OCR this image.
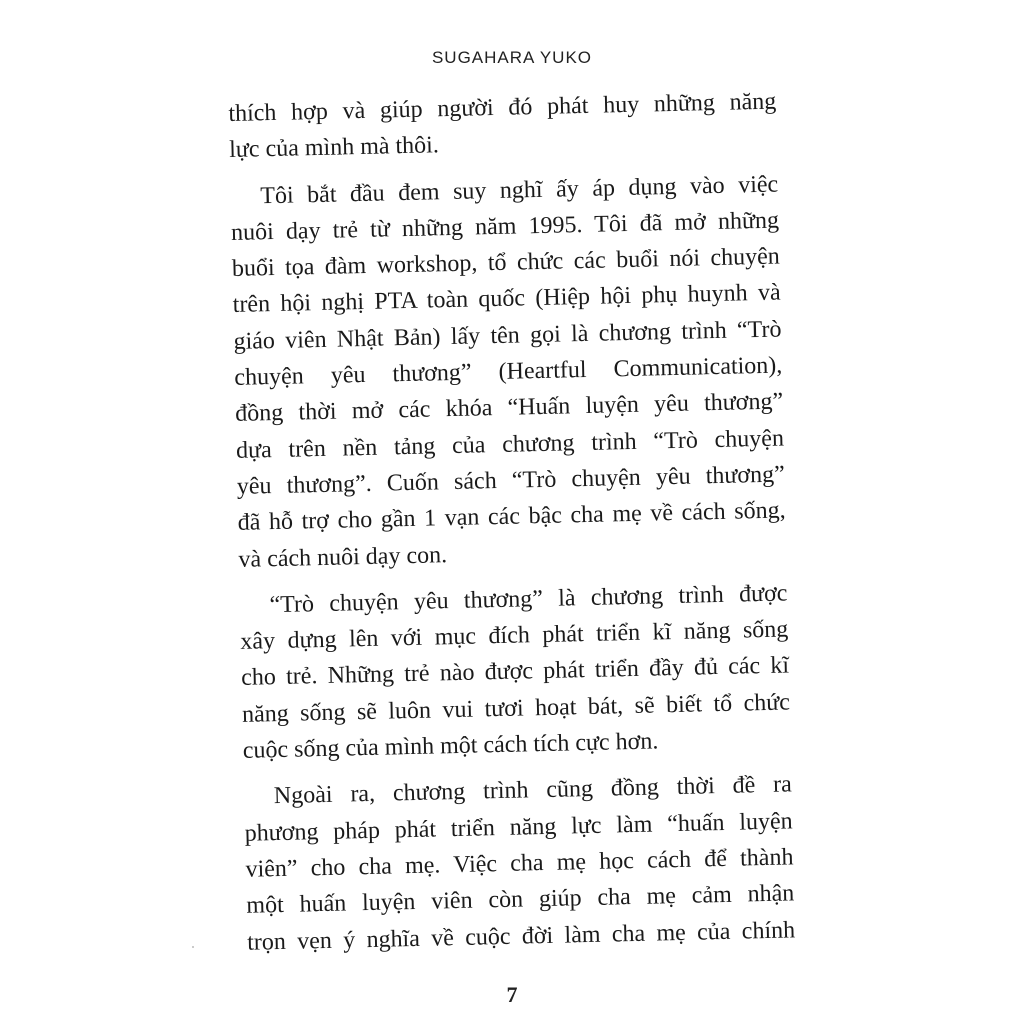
SUGAHARA YUKO
thích hợp và giúp người đó phát huy những năng
lực của mình mà thôi.
Tôi bắt đầu đem suy nghĩ ấy áp dụng vào việc
nuôi dạy trẻ từ những năm 1995. Tôi đã mở những
buổi tọa đàm workshop, tổ chức các buổi nói chuyện
trên hội nghị PTA toàn quốc (Hiệp hội phụ huynh và
giáo viên Nhật Bản) lấy tên gọi là chương trình “Trò
chuyện yêu thương” (Heartful Communication),
đồng thời mở các khóa “Huấn luyện yêu thương”
dựa trên nền tảng của chương trình “Trò chuyện
yêu thương”. Cuốn sách “Trò chuyện yêu thương”
đã hỗ trợ cho gần 1 vạn các bậc cha mẹ về cách sống,
và cách nuôi dạy con.
“Trò chuyện yêu thương” là chương trình được
xây dựng lên với mục đích phát triển kĩ năng sống
cho trẻ. Những trẻ nào được phát triển đầy đủ các kĩ
năng sống sẽ luôn vui tươi hoạt bát, sẽ biết tổ chức
cuộc sống của mình một cách tích cực hơn.
Ngoài ra, chương trình cũng đồng thời đề ra
phương pháp phát triển năng lực làm “huấn luyện
viên” cho cha mẹ. Việc cha mẹ học cách để thành
một huấn luyện viên còn giúp cha mẹ cảm nhận
trọn vẹn ý nghĩa về cuộc đời làm cha mẹ của chính
7
